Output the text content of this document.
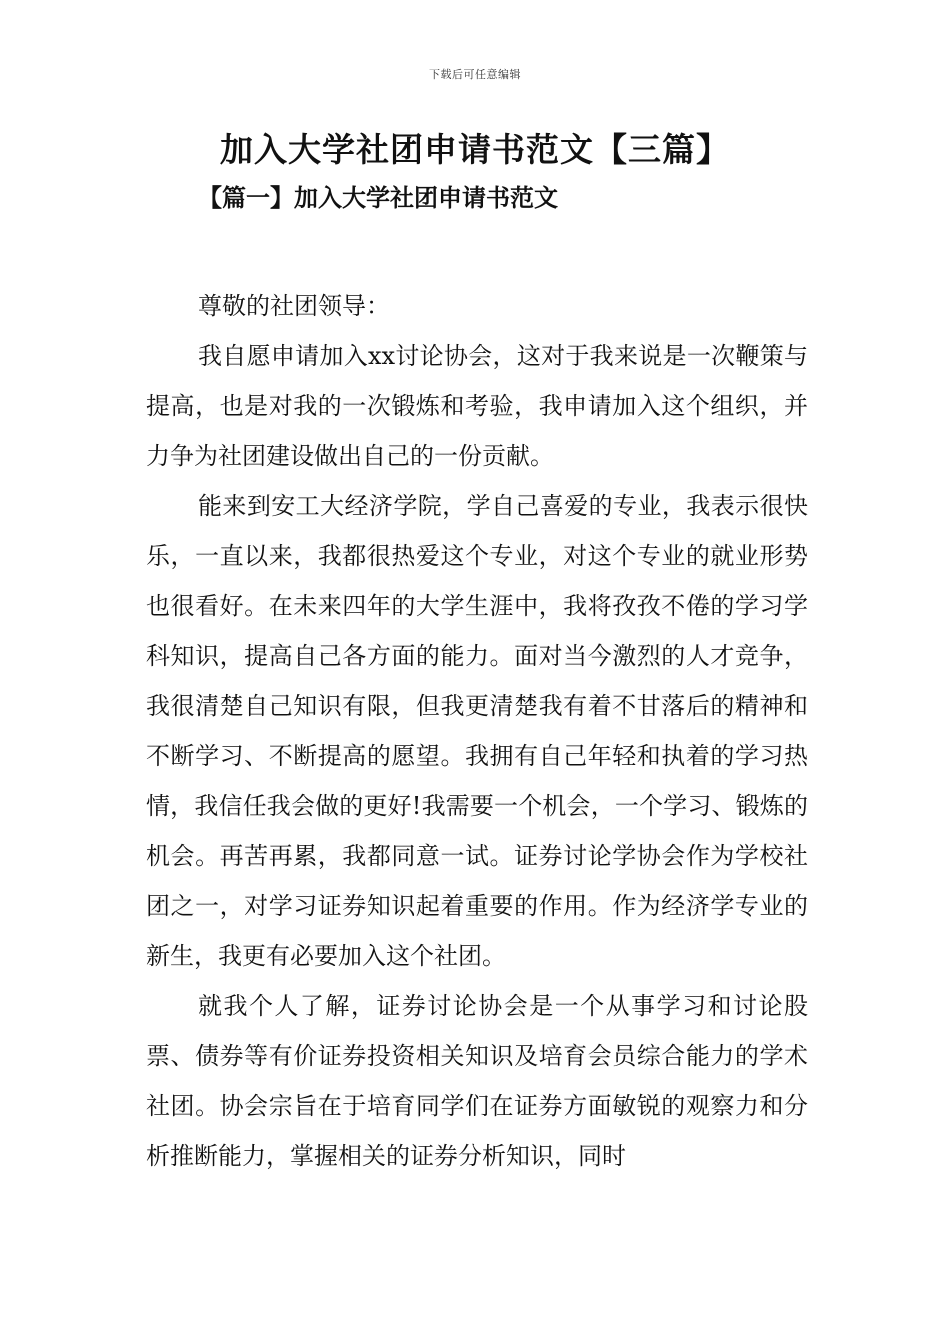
下载后可任意编辑
加入大学社团申请书范文【三篇】
【篇一】加入大学社团申请书范文

尊敬的社团领导：

我自愿申请加入xx讨论协会，这对于我来说是一次鞭策与提高，也是对我的一次锻炼和考验，我申请加入这个组织，并力争为社团建设做出自己的一份贡献。

能来到安工大经济学院，学自己喜爱的专业，我表示很快乐，一直以来，我都很热爱这个专业，对这个专业的就业形势也很看好。在未来四年的大学生涯中，我将孜孜不倦的学习学科知识，提高自己各方面的能力。面对当今激烈的人才竞争，我很清楚自己知识有限，但我更清楚我有着不甘落后的精神和不断学习、不断提高的愿望。我拥有自己年轻和执着的学习热情，我信任我会做的更好!我需要一个机会，一个学习、锻炼的机会。再苦再累，我都同意一试。证券讨论学协会作为学校社团之一，对学习证券知识起着重要的作用。作为经济学专业的新生，我更有必要加入这个社团。

就我个人了解，证券讨论协会是一个从事学习和讨论股票、债券等有价证券投资相关知识及培育会员综合能力的学术社团。协会宗旨在于培育同学们在证券方面敏锐的观察力和分析推断能力，掌握相关的证券分析知识，同时
